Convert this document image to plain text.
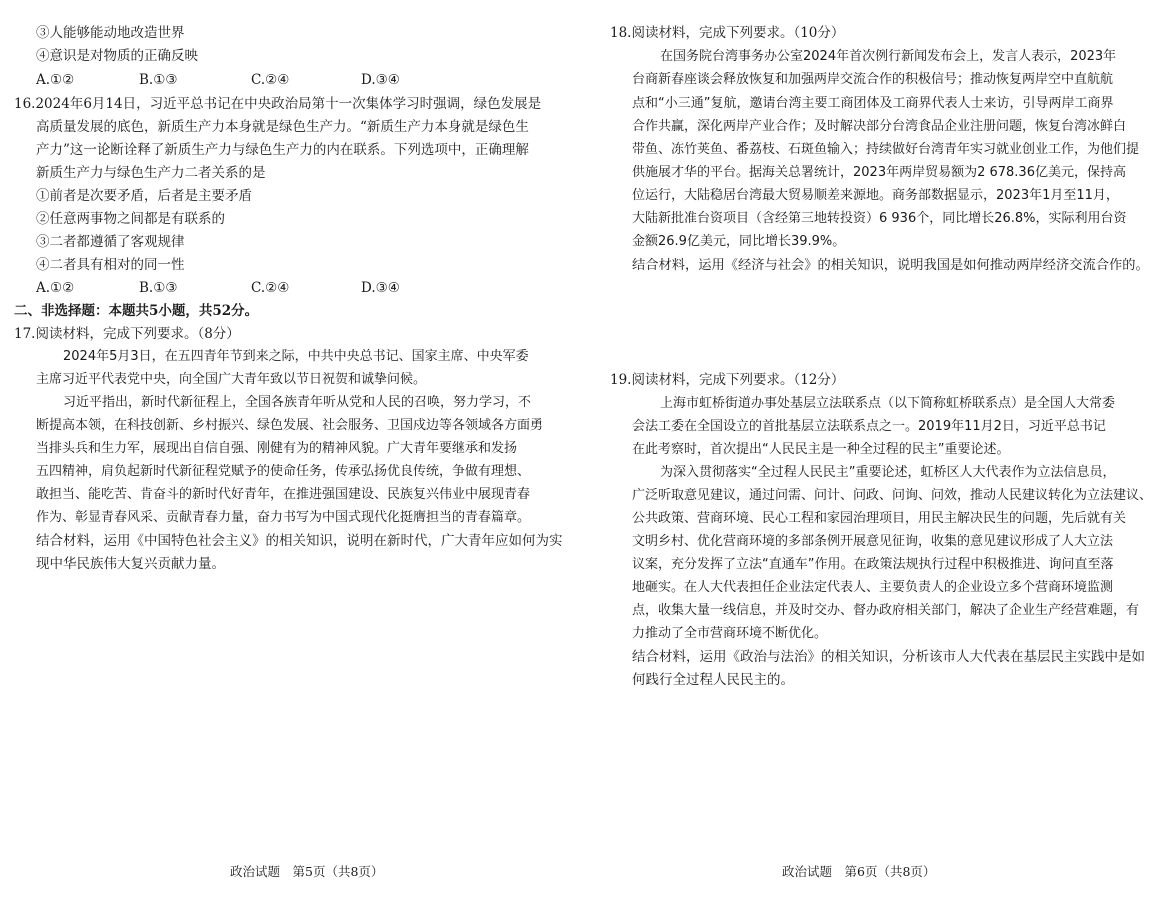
③人能够能动地改造世界
④意识是对物质的正确反映
A.①②	B.①③	C.②④	D.③④
16.2024年6月14日，习近平总书记在中央政治局第十一次集体学习时强调，绿色发展是
高质量发展的底色，新质生产力本身就是绿色生产力。“新质生产力本身就是绿色生
产力”这一论断诠释了新质生产力与绿色生产力的内在联系。下列选项中，正确理解
新质生产力与绿色生产力二者关系的是
①前者是次要矛盾，后者是主要矛盾
②任意两事物之间都是有联系的
③二者都遵循了客观规律
④二者具有相对的同一性
A.①②	B.①③	C.②④	D.③④
二、非选择题：本题共5小题，共52分。
17.阅读材料，完成下列要求。（8分）
2024年5月3日，在五四青年节到来之际，中共中央总书记、国家主席、中央军委
主席习近平代表党中央，向全国广大青年致以节日祝贺和诚挚问候。
习近平指出，新时代新征程上，全国各族青年听从党和人民的召唤，努力学习，不
断提高本领，在科技创新、乡村振兴、绿色发展、社会服务、卫国戍边等各领域各方面勇
当排头兵和生力军，展现出自信自强、刚健有为的精神风貌。广大青年要继承和发扬
五四精神，肩负起新时代新征程党赋予的使命任务，传承弘扬优良传统，争做有理想、
敢担当、能吃苦、肯奋斗的新时代好青年，在推进强国建设、民族复兴伟业中展现青春
作为、彰显青春风采、贡献青春力量，奋力书写为中国式现代化挺膺担当的青春篇章。
结合材料，运用《中国特色社会主义》的相关知识，说明在新时代，广大青年应如何为实
现中华民族伟大复兴贡献力量。
政治试题　第5页（共8页）
18.阅读材料，完成下列要求。（10分）
在国务院台湾事务办公室2024年首次例行新闻发布会上，发言人表示，2023年
台商新春座谈会释放恢复和加强两岸交流合作的积极信号；推动恢复两岸空中直航航
点和“小三通”复航，邀请台湾主要工商团体及工商界代表人士来访，引导两岸工商界
合作共赢，深化两岸产业合作；及时解决部分台湾食品企业注册问题，恢复台湾冰鲜白
带鱼、冻竹荚鱼、番荔枝、石斑鱼输入；持续做好台湾青年实习就业创业工作，为他们提
供施展才华的平台。据海关总署统计，2023年两岸贸易额为2 678.36亿美元，保持高
位运行，大陆稳居台湾最大贸易顺差来源地。商务部数据显示，2023年1月至11月，
大陆新批准台资项目（含经第三地转投资）6 936个，同比增长26.8%，实际利用台资
金额26.9亿美元，同比增长39.9%。
结合材料，运用《经济与社会》的相关知识，说明我国是如何推动两岸经济交流合作的。
19.阅读材料，完成下列要求。（12分）
上海市虹桥街道办事处基层立法联系点（以下简称虹桥联系点）是全国人大常委
会法工委在全国设立的首批基层立法联系点之一。2019年11月2日，习近平总书记
在此考察时，首次提出“人民民主是一种全过程的民主”重要论述。
为深入贯彻落实“全过程人民民主”重要论述，虹桥区人大代表作为立法信息员，
广泛听取意见建议，通过问需、问计、问政、问询、问效，推动人民建议转化为立法建议、
公共政策、营商环境、民心工程和家园治理项目，用民主解决民生的问题，先后就有关
文明乡村、优化营商环境的多部条例开展意见征询，收集的意见建议形成了人大立法
议案，充分发挥了立法“直通车”作用。在政策法规执行过程中积极推进、询问直至落
地砸实。在人大代表担任企业法定代表人、主要负责人的企业设立多个营商环境监测
点，收集大量一线信息，并及时交办、督办政府相关部门，解决了企业生产经营难题，有
力推动了全市营商环境不断优化。
结合材料，运用《政治与法治》的相关知识，分析该市人大代表在基层民主实践中是如
何践行全过程人民民主的。
政治试题　第6页（共8页）
